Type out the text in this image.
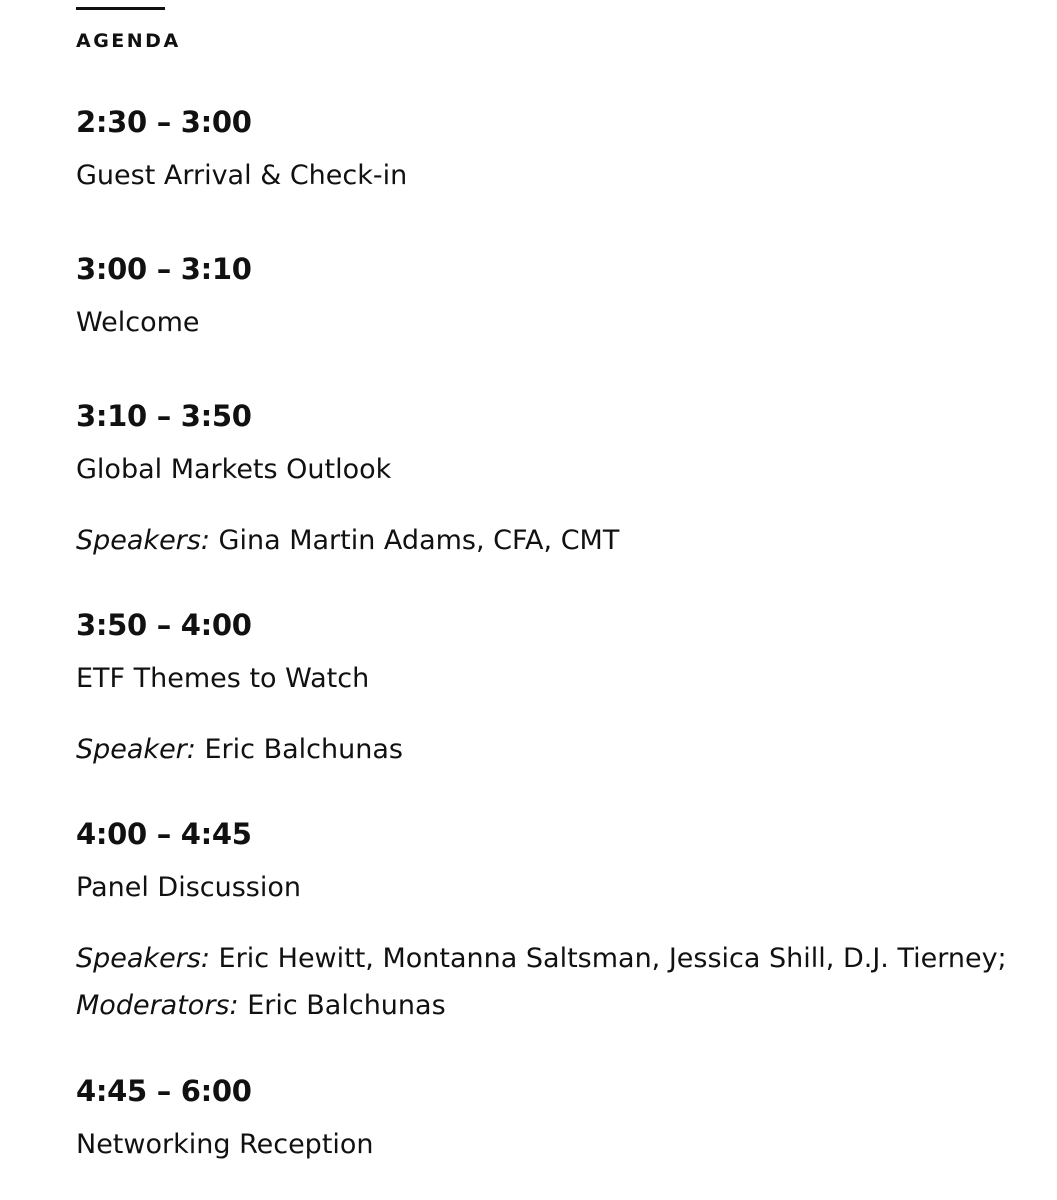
AGENDA
2:30 – 3:00
Guest Arrival & Check-in
3:00 – 3:10
Welcome
3:10 – 3:50
Global Markets Outlook
Speakers: Gina Martin Adams, CFA, CMT
3:50 – 4:00
ETF Themes to Watch
Speaker: Eric Balchunas
4:00 – 4:45
Panel Discussion
Speakers: Eric Hewitt, Montanna Saltsman, Jessica Shill, D.J. Tierney;
Moderators: Eric Balchunas
4:45 – 6:00
Networking Reception
